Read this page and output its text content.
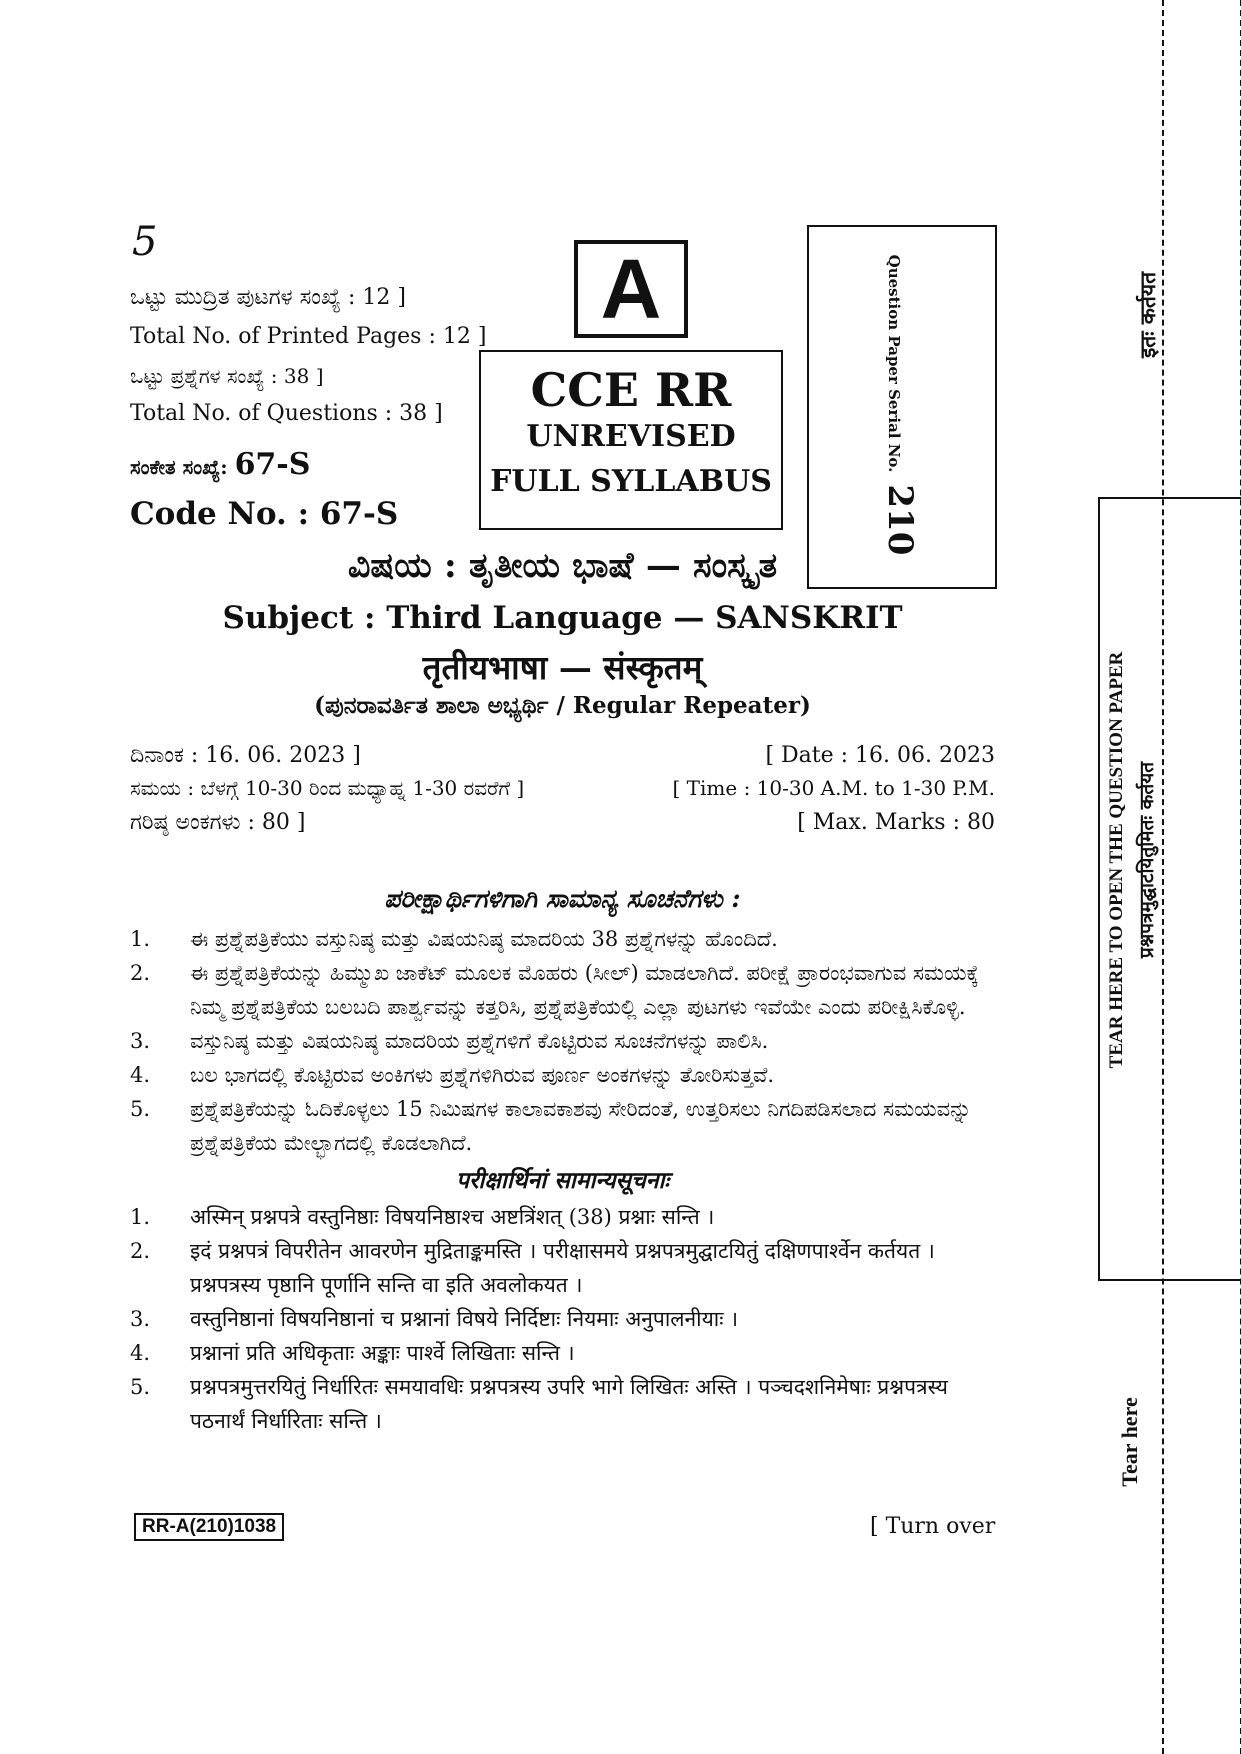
5
ಒಟ್ಟು ಮುದ್ರಿತ ಪುಟಗಳ ಸಂಖ್ಯೆ : 12 ]
Total No. of Printed Pages : 12 ]
ಒಟ್ಟು ಪ್ರಶ್ನೆಗಳ ಸಂಖ್ಯೆ : 38 ]
Total No. of Questions : 38 ]
ಸಂಕೇತ ಸಂಖ್ಯೆ: 67-S
Code No. : 67-S
A
CCE RR
UNREVISED
FULL SYLLABUS
Question Paper Serial No.210
ವಿಷಯ : ತೃತೀಯ ಭಾಷೆ — ಸಂಸ್ಕೃತ
Subject : Third Language — SANSKRIT
तृतीयभाषा — संस्कृतम्
(ಪುನರಾವರ್ತಿತ ಶಾಲಾ ಅಭ್ಯರ್ಥಿ / Regular Repeater)
ದಿನಾಂಕ : 16. 06. 2023 ]	[ Date : 16. 06. 2023
ಸಮಯ : ಬೆಳಗ್ಗೆ 10-30 ರಿಂದ ಮಧ್ಯಾಹ್ನ 1-30 ರವರೆಗೆ ]	[ Time : 10-30 A.M. to 1-30 P.M.
ಗರಿಷ್ಠ ಅಂಕಗಳು : 80 ]	[ Max. Marks : 80
ಪರೀಕ್ಷಾರ್ಥಿಗಳಿಗಾಗಿ ಸಾಮಾನ್ಯ ಸೂಚನೆಗಳು :
1.	ಈ ಪ್ರಶ್ನೆಪತ್ರಿಕೆಯು ವಸ್ತುನಿಷ್ಠ ಮತ್ತು ವಿಷಯನಿಷ್ಠ ಮಾದರಿಯ 38 ಪ್ರಶ್ನೆಗಳನ್ನು ಹೊಂದಿದೆ.
2.	ಈ ಪ್ರಶ್ನೆಪತ್ರಿಕೆಯನ್ನು ಹಿಮ್ಮುಖ ಜಾಕೆಟ್ ಮೂಲಕ ಮೊಹರು (ಸೀಲ್) ಮಾಡಲಾಗಿದೆ. ಪರೀಕ್ಷೆ ಪ್ರಾರಂಭವಾಗುವ ಸಮಯಕ್ಕೆ ನಿಮ್ಮ ಪ್ರಶ್ನೆಪತ್ರಿಕೆಯ ಬಲಬದಿ ಪಾರ್ಶ್ವವನ್ನು ಕತ್ತರಿಸಿ, ಪ್ರಶ್ನೆಪತ್ರಿಕೆಯಲ್ಲಿ ಎಲ್ಲಾ ಪುಟಗಳು ಇವೆಯೇ ಎಂದು ಪರೀಕ್ಷಿಸಿಕೊಳ್ಳಿ.
3.	ವಸ್ತುನಿಷ್ಠ ಮತ್ತು ವಿಷಯನಿಷ್ಠ ಮಾದರಿಯ ಪ್ರಶ್ನೆಗಳಿಗೆ ಕೊಟ್ಟಿರುವ ಸೂಚನೆಗಳನ್ನು ಪಾಲಿಸಿ.
4.	ಬಲ ಭಾಗದಲ್ಲಿ ಕೊಟ್ಟಿರುವ ಅಂಕಿಗಳು ಪ್ರಶ್ನೆಗಳಿಗಿರುವ ಪೂರ್ಣ ಅಂಕಗಳನ್ನು ತೋರಿಸುತ್ತವೆ.
5.	ಪ್ರಶ್ನೆಪತ್ರಿಕೆಯನ್ನು ಓದಿಕೊಳ್ಳಲು 15 ನಿಮಿಷಗಳ ಕಾಲಾವಕಾಶವು ಸೇರಿದಂತೆ, ಉತ್ತರಿಸಲು ನಿಗದಿಪಡಿಸಲಾದ ಸಮಯವನ್ನು ಪ್ರಶ್ನೆಪತ್ರಿಕೆಯ ಮೇಲ್ಭಾಗದಲ್ಲಿ ಕೊಡಲಾಗಿದೆ.
परीक्षार्थिनां सामान्यसूचनाः
1.	अस्मिन् प्रश्नपत्रे वस्तुनिष्ठाः विषयनिष्ठाश्च अष्टत्रिंशत् (38) प्रश्नाः सन्ति ।
2.	इदं प्रश्नपत्रं विपरीतेन आवरणेन मुद्रिताङ्कमस्ति । परीक्षासमये प्रश्नपत्रमुद्घाटयितुं दक्षिणपार्श्वेन कर्तयत । प्रश्नपत्रस्य पृष्ठानि पूर्णानि सन्ति वा इति अवलोकयत ।
3.	वस्तुनिष्ठानां विषयनिष्ठानां च प्रश्नानां विषये निर्दिष्टाः नियमाः अनुपालनीयाः ।
4.	प्रश्नानां प्रति अधिकृताः अङ्काः पार्श्वे लिखिताः सन्ति ।
5.	प्रश्नपत्रमुत्तरयितुं निर्धारितः समयावधिः प्रश्नपत्रस्य उपरि भागे लिखितः अस्ति । पञ्चदशनिमेषाः प्रश्नपत्रस्य पठनार्थं निर्धारिताः सन्ति ।
RR-A(210)1038	[ Turn over
इतः कर्तयत
TEAR HERE TO OPEN THE QUESTION PAPER प्रश्नपत्रमुद्घाटयितुमितः कर्तयत
Tear here
